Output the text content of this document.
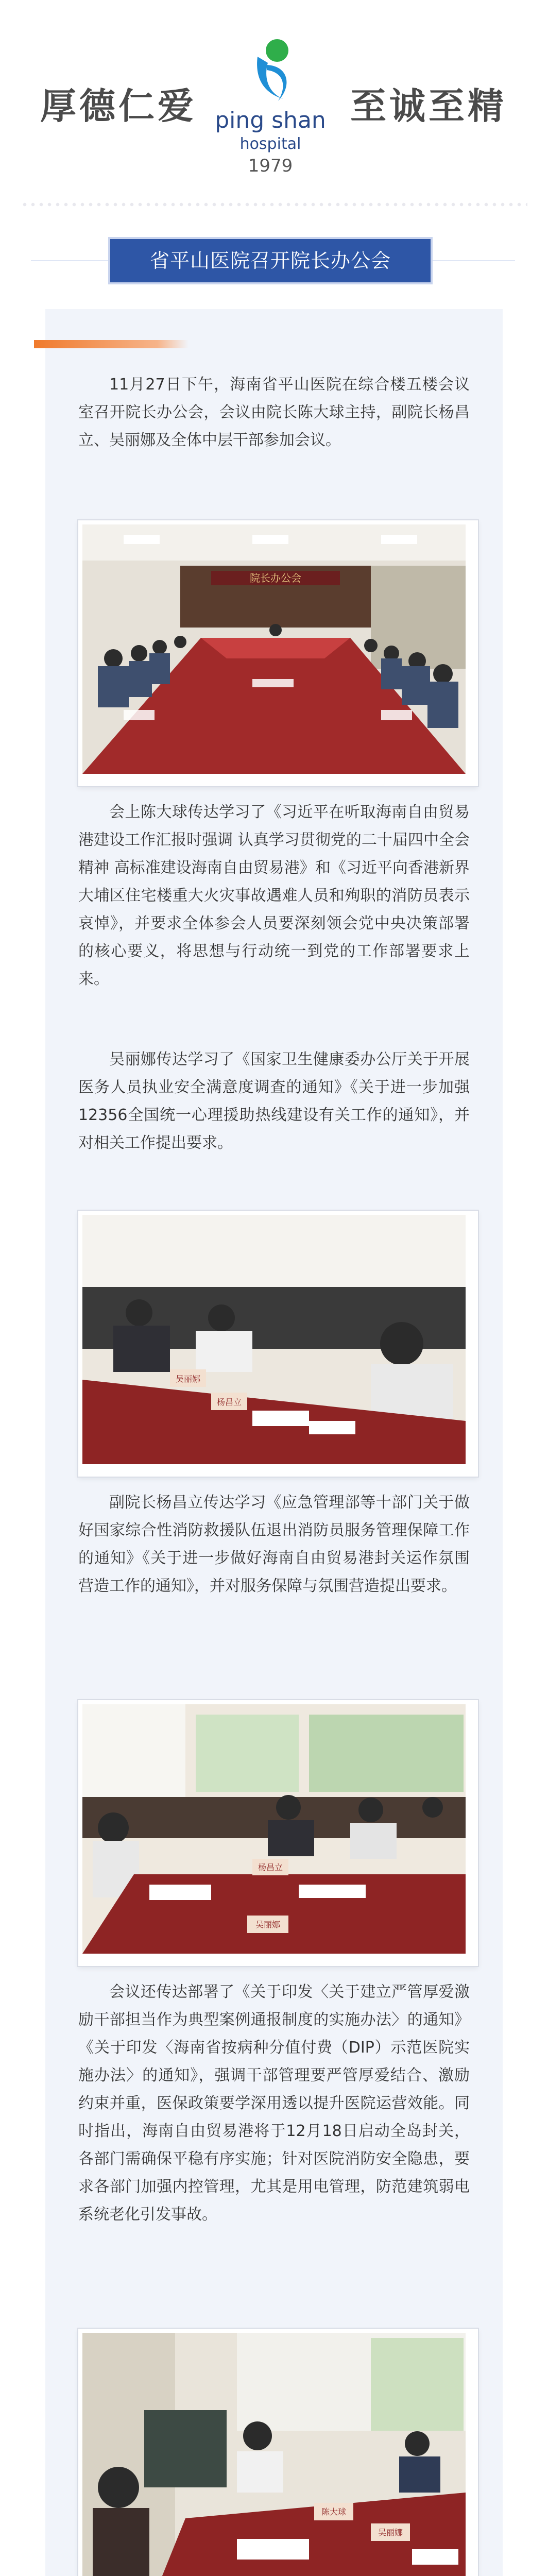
厚德仁爱 ping shan
hospital
1979
至诚至精
省平山医院召开院长办公会

11月27日下午，海南省平山医院在综合楼五楼会议室召开院长办公会，会议由院长陈大球主持，副院长杨昌立、吴丽娜及全体中层干部参加会议。

院长办公会

会上陈大球传达学习了《习近平在听取海南自由贸易港建设工作汇报时强调 认真学习贯彻党的二十届四中全会精神 高标准建设海南自由贸易港》和《习近平向香港新界大埔区住宅楼重大火灾事故遇难人员和殉职的消防员表示哀悼》，并要求全体参会人员要深刻领会党中央决策部署的核心要义，将思想与行动统一到党的工作部署要求上来。

吴丽娜传达学习了《国家卫生健康委办公厅关于开展医务人员执业安全满意度调查的通知》《关于进一步加强12356全国统一心理援助热线建设有关工作的通知》，并对相关工作提出要求。

吴丽娜
杨昌立

副院长杨昌立传达学习《应急管理部等十部门关于做好国家综合性消防救援队伍退出消防员服务管理保障工作的通知》《关于进一步做好海南自由贸易港封关运作氛围营造工作的通知》，并对服务保障与氛围营造提出要求。

杨昌立
吴丽娜

会议还传达部署了《关于印发〈关于建立严管厚爱激励干部担当作为典型案例通报制度的实施办法〉的通知》《关于印发〈海南省按病种分值付费（DIP）示范医院实施办法〉的通知》，强调干部管理要严管厚爱结合、激励约束并重，医保政策要学深用透以提升医院运营效能。同时指出，海南自由贸易港将于12月18日启动全岛封关，各部门需确保平稳有序实施；针对医院消防安全隐患，要求各部门加强内控管理，尤其是用电管理，防范建筑弱电系统老化引发事故。

陈大球
吴丽娜
